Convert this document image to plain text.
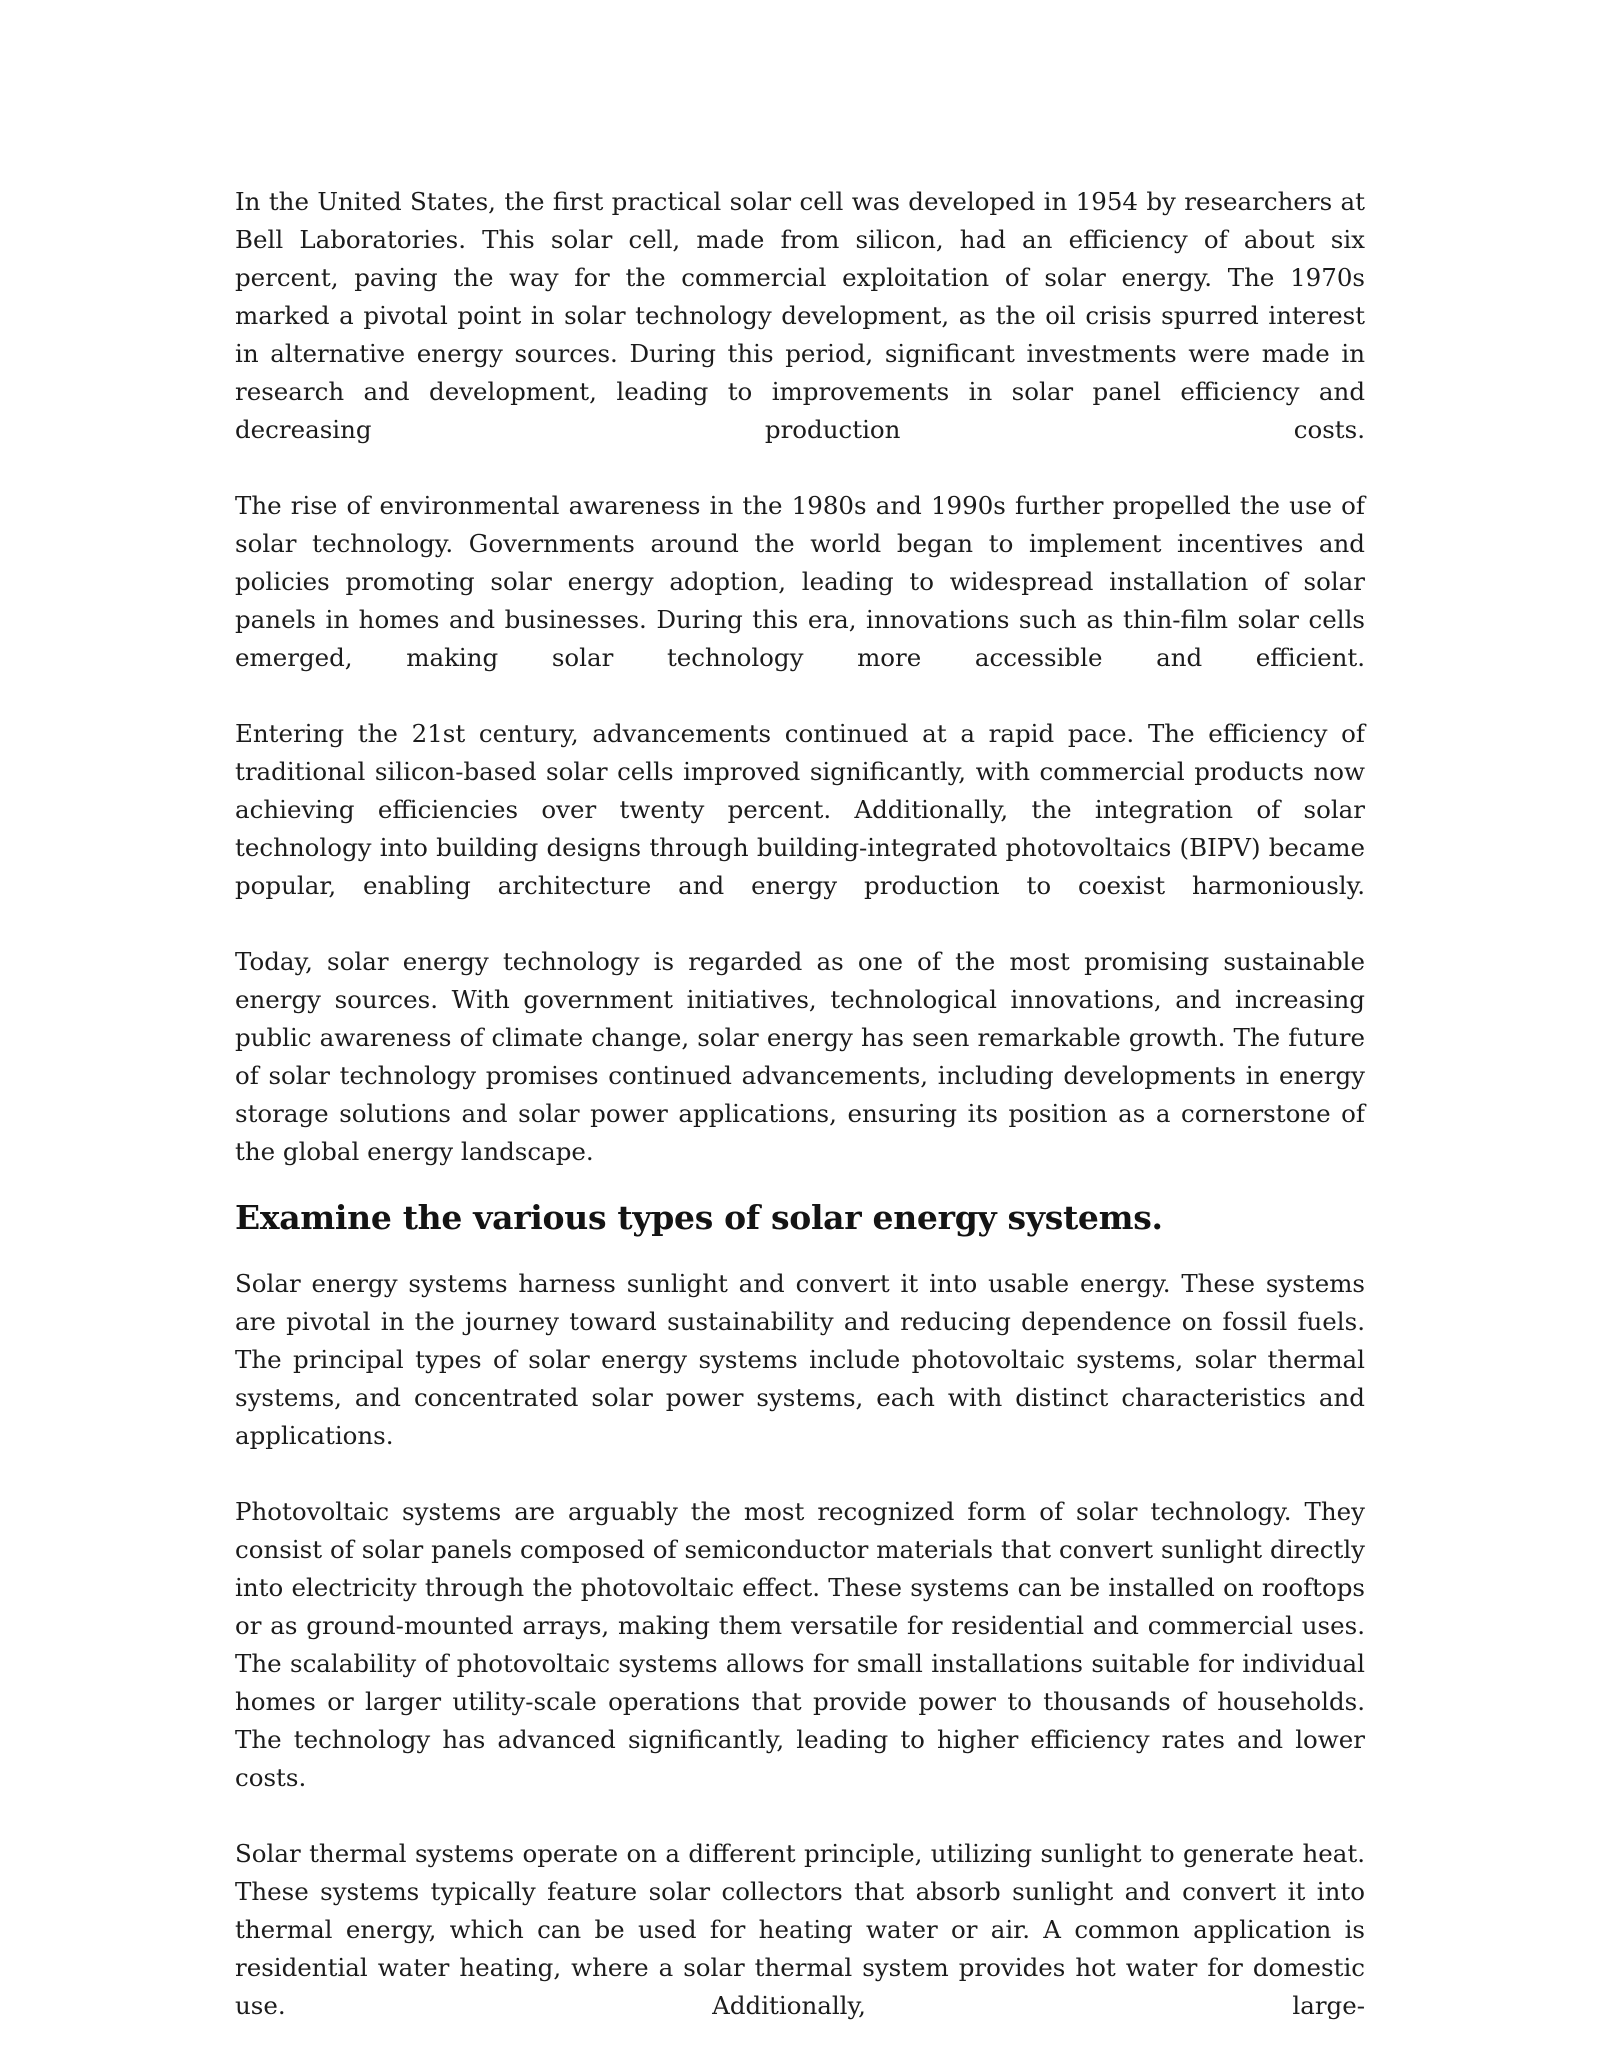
In the United States, the first practical solar cell was developed in 1954 by researchers at Bell Laboratories. This solar cell, made from silicon, had an efficiency of about six percent, paving the way for the commercial exploitation of solar energy. The 1970s marked a pivotal point in solar technology development, as the oil crisis spurred interest in alternative energy sources. During this period, significant investments were made in research and development, leading to improvements in solar panel efficiency and decreasing production costs.

The rise of environmental awareness in the 1980s and 1990s further propelled the use of solar technology. Governments around the world began to implement incentives and policies promoting solar energy adoption, leading to widespread installation of solar panels in homes and businesses. During this era, innovations such as thin-film solar cells emerged, making solar technology more accessible and efficient.

Entering the 21st century, advancements continued at a rapid pace. The efficiency of traditional silicon-based solar cells improved significantly, with commercial products now achieving efficiencies over twenty percent. Additionally, the integration of solar technology into building designs through building-integrated photovoltaics (BIPV) became popular, enabling architecture and energy production to coexist harmoniously.

Today, solar energy technology is regarded as one of the most promising sustainable energy sources. With government initiatives, technological innovations, and increasing public awareness of climate change, solar energy has seen remarkable growth. The future of solar technology promises continued advancements, including developments in energy storage solutions and solar power applications, ensuring its position as a cornerstone of the global energy landscape.

Examine the various types of solar energy systems.

Solar energy systems harness sunlight and convert it into usable energy. These systems are pivotal in the journey toward sustainability and reducing dependence on fossil fuels. The principal types of solar energy systems include photovoltaic systems, solar thermal systems, and concentrated solar power systems, each with distinct characteristics and applications.

Photovoltaic systems are arguably the most recognized form of solar technology. They consist of solar panels composed of semiconductor materials that convert sunlight directly into electricity through the photovoltaic effect. These systems can be installed on rooftops or as ground-mounted arrays, making them versatile for residential and commercial uses. The scalability of photovoltaic systems allows for small installations suitable for individual homes or larger utility-scale operations that provide power to thousands of households. The technology has advanced significantly, leading to higher efficiency rates and lower costs.

Solar thermal systems operate on a different principle, utilizing sunlight to generate heat. These systems typically feature solar collectors that absorb sunlight and convert it into thermal energy, which can be used for heating water or air. A common application is residential water heating, where a solar thermal system provides hot water for domestic use. Additionally, large-
